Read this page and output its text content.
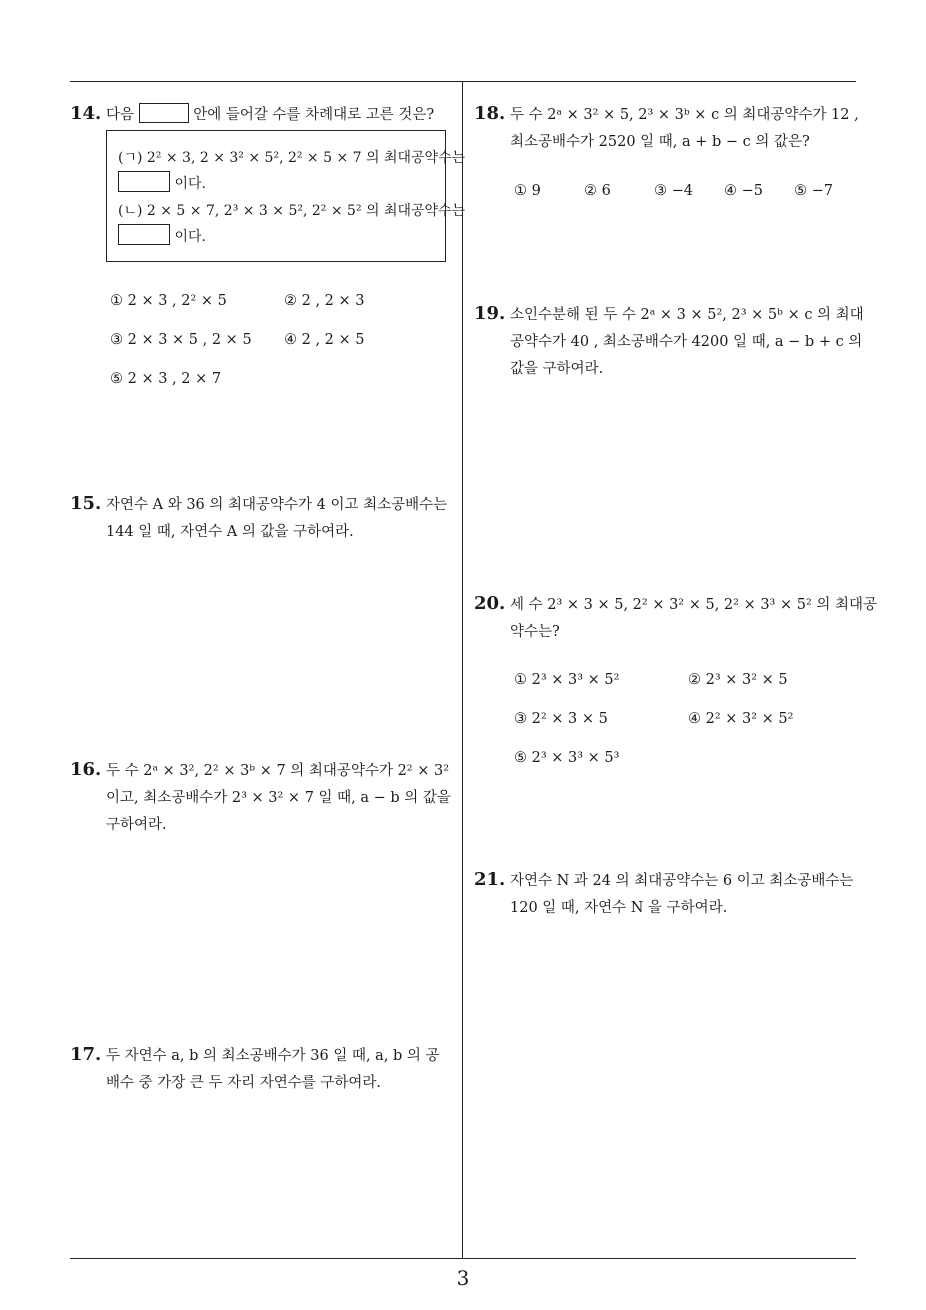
3
14. 다음	안에 들어갈 수를 차례대로 고른 것은?
(ㄱ) 2² × 3, 2 × 3² × 5², 2² × 5 × 7 의 최대공약수는
이다.
(ㄴ) 2 × 5 × 7, 2³ × 3 × 5², 2² × 5² 의 최대공약수는
이다.
① 2 × 3 , 2² × 5	② 2 , 2 × 3
③ 2 × 3 × 5 , 2 × 5 ④ 2 , 2 × 5
⑤ 2 × 3 , 2 × 7
15. 자연수 A 와 36 의 최대공약수가 4 이고 최소공배수는
144 일 때, 자연수 A 의 값을 구하여라.
16. 두 수 2ᵃ × 3², 2² × 3ᵇ × 7 의 최대공약수가 2² × 3²
이고, 최소공배수가 2³ × 3² × 7 일 때, a − b 의 값을
구하여라.
17. 두 자연수 a, b 의 최소공배수가 36 일 때, a, b 의 공
배수 중 가장 큰 두 자리 자연수를 구하여라.
18. 두 수 2ᵃ × 3² × 5, 2³ × 3ᵇ × c 의 최대공약수가 12 ,
최소공배수가 2520 일 때, a + b − c 의 값은?
① 9	② 6	③ −4 ④ −5 ⑤ −7
19. 소인수분해 된 두 수 2ᵃ × 3 × 5², 2³ × 5ᵇ × c 의 최대
공약수가 40 , 최소공배수가 4200 일 때, a − b + c 의
값을 구하여라.
20. 세 수 2³ × 3 × 5, 2² × 3² × 5, 2² × 3³ × 5² 의 최대공
약수는?
① 2³ × 3³ × 5²	② 2³ × 3² × 5
③ 2² × 3 × 5	④ 2² × 3² × 5²
⑤ 2³ × 3³ × 5³
21. 자연수 N 과 24 의 최대공약수는 6 이고 최소공배수는
120 일 때, 자연수 N 을 구하여라.
